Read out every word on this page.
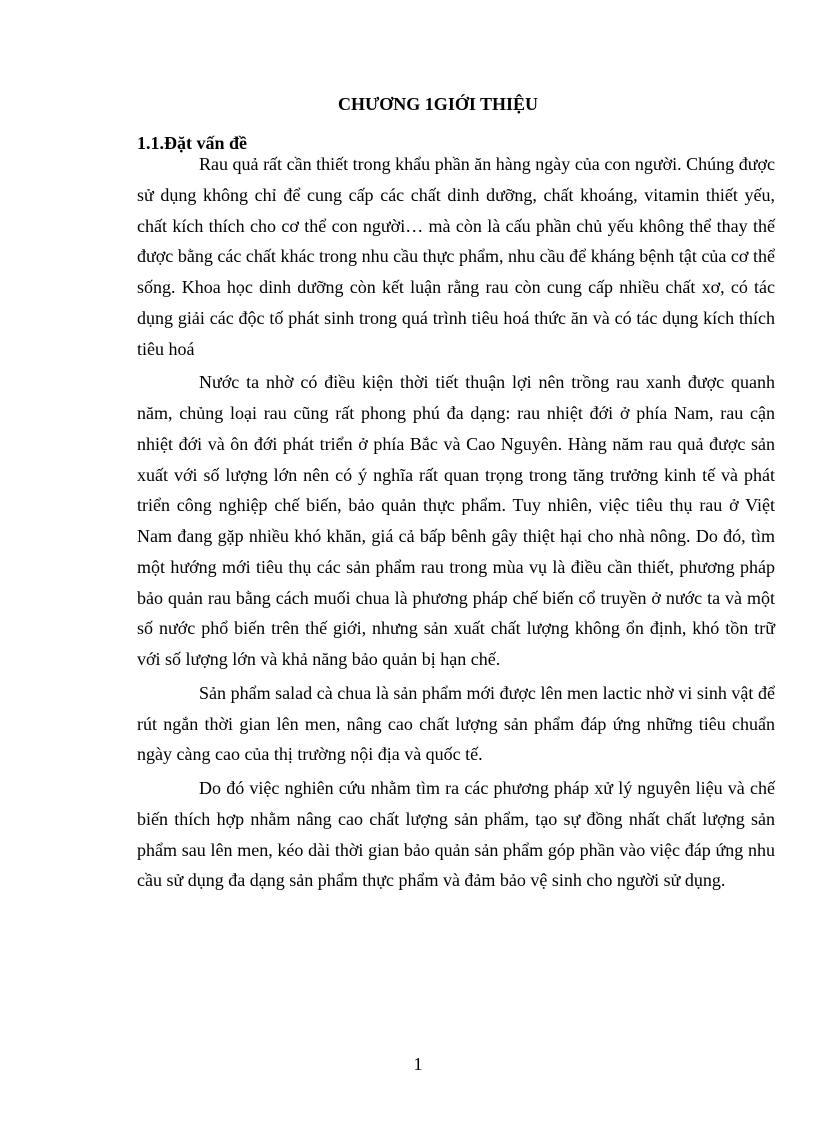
CHƯƠNG 1GIỚI THIỆU
1.1.Đặt vấn đề

Rau quả rất cần thiết trong khẩu phần ăn hàng ngày của con người. Chúng được sử dụng không chỉ để cung cấp các chất dinh dưỡng, chất khoáng, vitamin thiết yếu, chất kích thích cho cơ thể con người… mà còn là cấu phần chủ yếu không thể thay thế được bằng các chất khác trong nhu cầu thực phẩm, nhu cầu để kháng bệnh tật của cơ thể sống. Khoa học dinh dưỡng còn kết luận rằng rau còn cung cấp nhiều chất xơ, có tác dụng giải các độc tố phát sinh trong quá trình tiêu hoá thức ăn và có tác dụng kích thích tiêu hoá

Nước ta nhờ có điều kiện thời tiết thuận lợi nên trồng rau xanh được quanh năm, chủng loại rau cũng rất phong phú đa dạng: rau nhiệt đới ở phía Nam, rau cận nhiệt đới và ôn đới phát triển ở phía Bắc và Cao Nguyên. Hàng năm rau quả được sản xuất với số lượng lớn nên có ý nghĩa rất quan trọng trong tăng trưởng kinh tế và phát triển công nghiệp chế biến, bảo quản thực phẩm. Tuy nhiên, việc tiêu thụ rau ở Việt Nam đang gặp nhiều khó khăn, giá cả bấp bênh gây thiệt hại cho nhà nông. Do đó, tìm một hướng mới tiêu thụ các sản phẩm rau trong mùa vụ là điều cần thiết, phương pháp bảo quản rau bằng cách muối chua là phương pháp chế biến cổ truyền ở nước ta và một số nước phổ biến trên thế giới, nhưng sản xuất chất lượng không ổn định, khó tồn trữ với số lượng lớn và khả năng bảo quản bị hạn chế.

Sản phẩm salad cà chua là sản phẩm mới được lên men lactic nhờ vi sinh vật để rút ngắn thời gian lên men, nâng cao chất lượng sản phẩm đáp ứng những tiêu chuẩn ngày càng cao của thị trường nội địa và quốc tế.

Do đó việc nghiên cứu nhằm tìm ra các phương pháp xử lý nguyên liệu và chế biến thích hợp nhằm nâng cao chất lượng sản phẩm, tạo sự đồng nhất chất lượng sản phẩm sau lên men, kéo dài thời gian bảo quản sản phẩm góp phần vào việc đáp ứng nhu cầu sử dụng đa dạng sản phẩm thực phẩm và đảm bảo vệ sinh cho người sử dụng.

1
